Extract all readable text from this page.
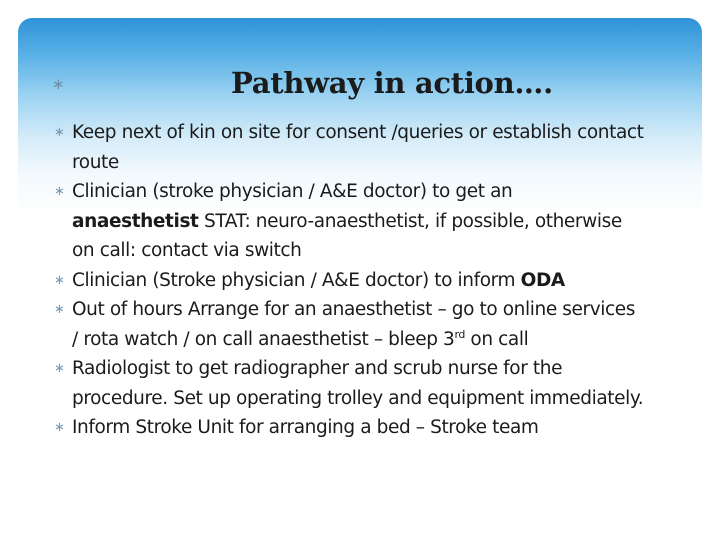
∗	Pathway in action….
∗ Keep next of kin on site for consent /queries or establish contact route
∗ Clinician (stroke physician / A&E doctor) to get an anaesthetist STAT: neuro-anaesthetist, if possible, otherwise on call: contact via switch
∗ Clinician (Stroke physician / A&E doctor) to inform ODA
∗ Out of hours Arrange for an anaesthetist – go to online services / rota watch / on call anaesthetist – bleep 3rd on call
∗ Radiologist to get radiographer and scrub nurse for the procedure. Set up operating trolley and equipment immediately.
∗ Inform Stroke Unit for arranging a bed – Stroke team
